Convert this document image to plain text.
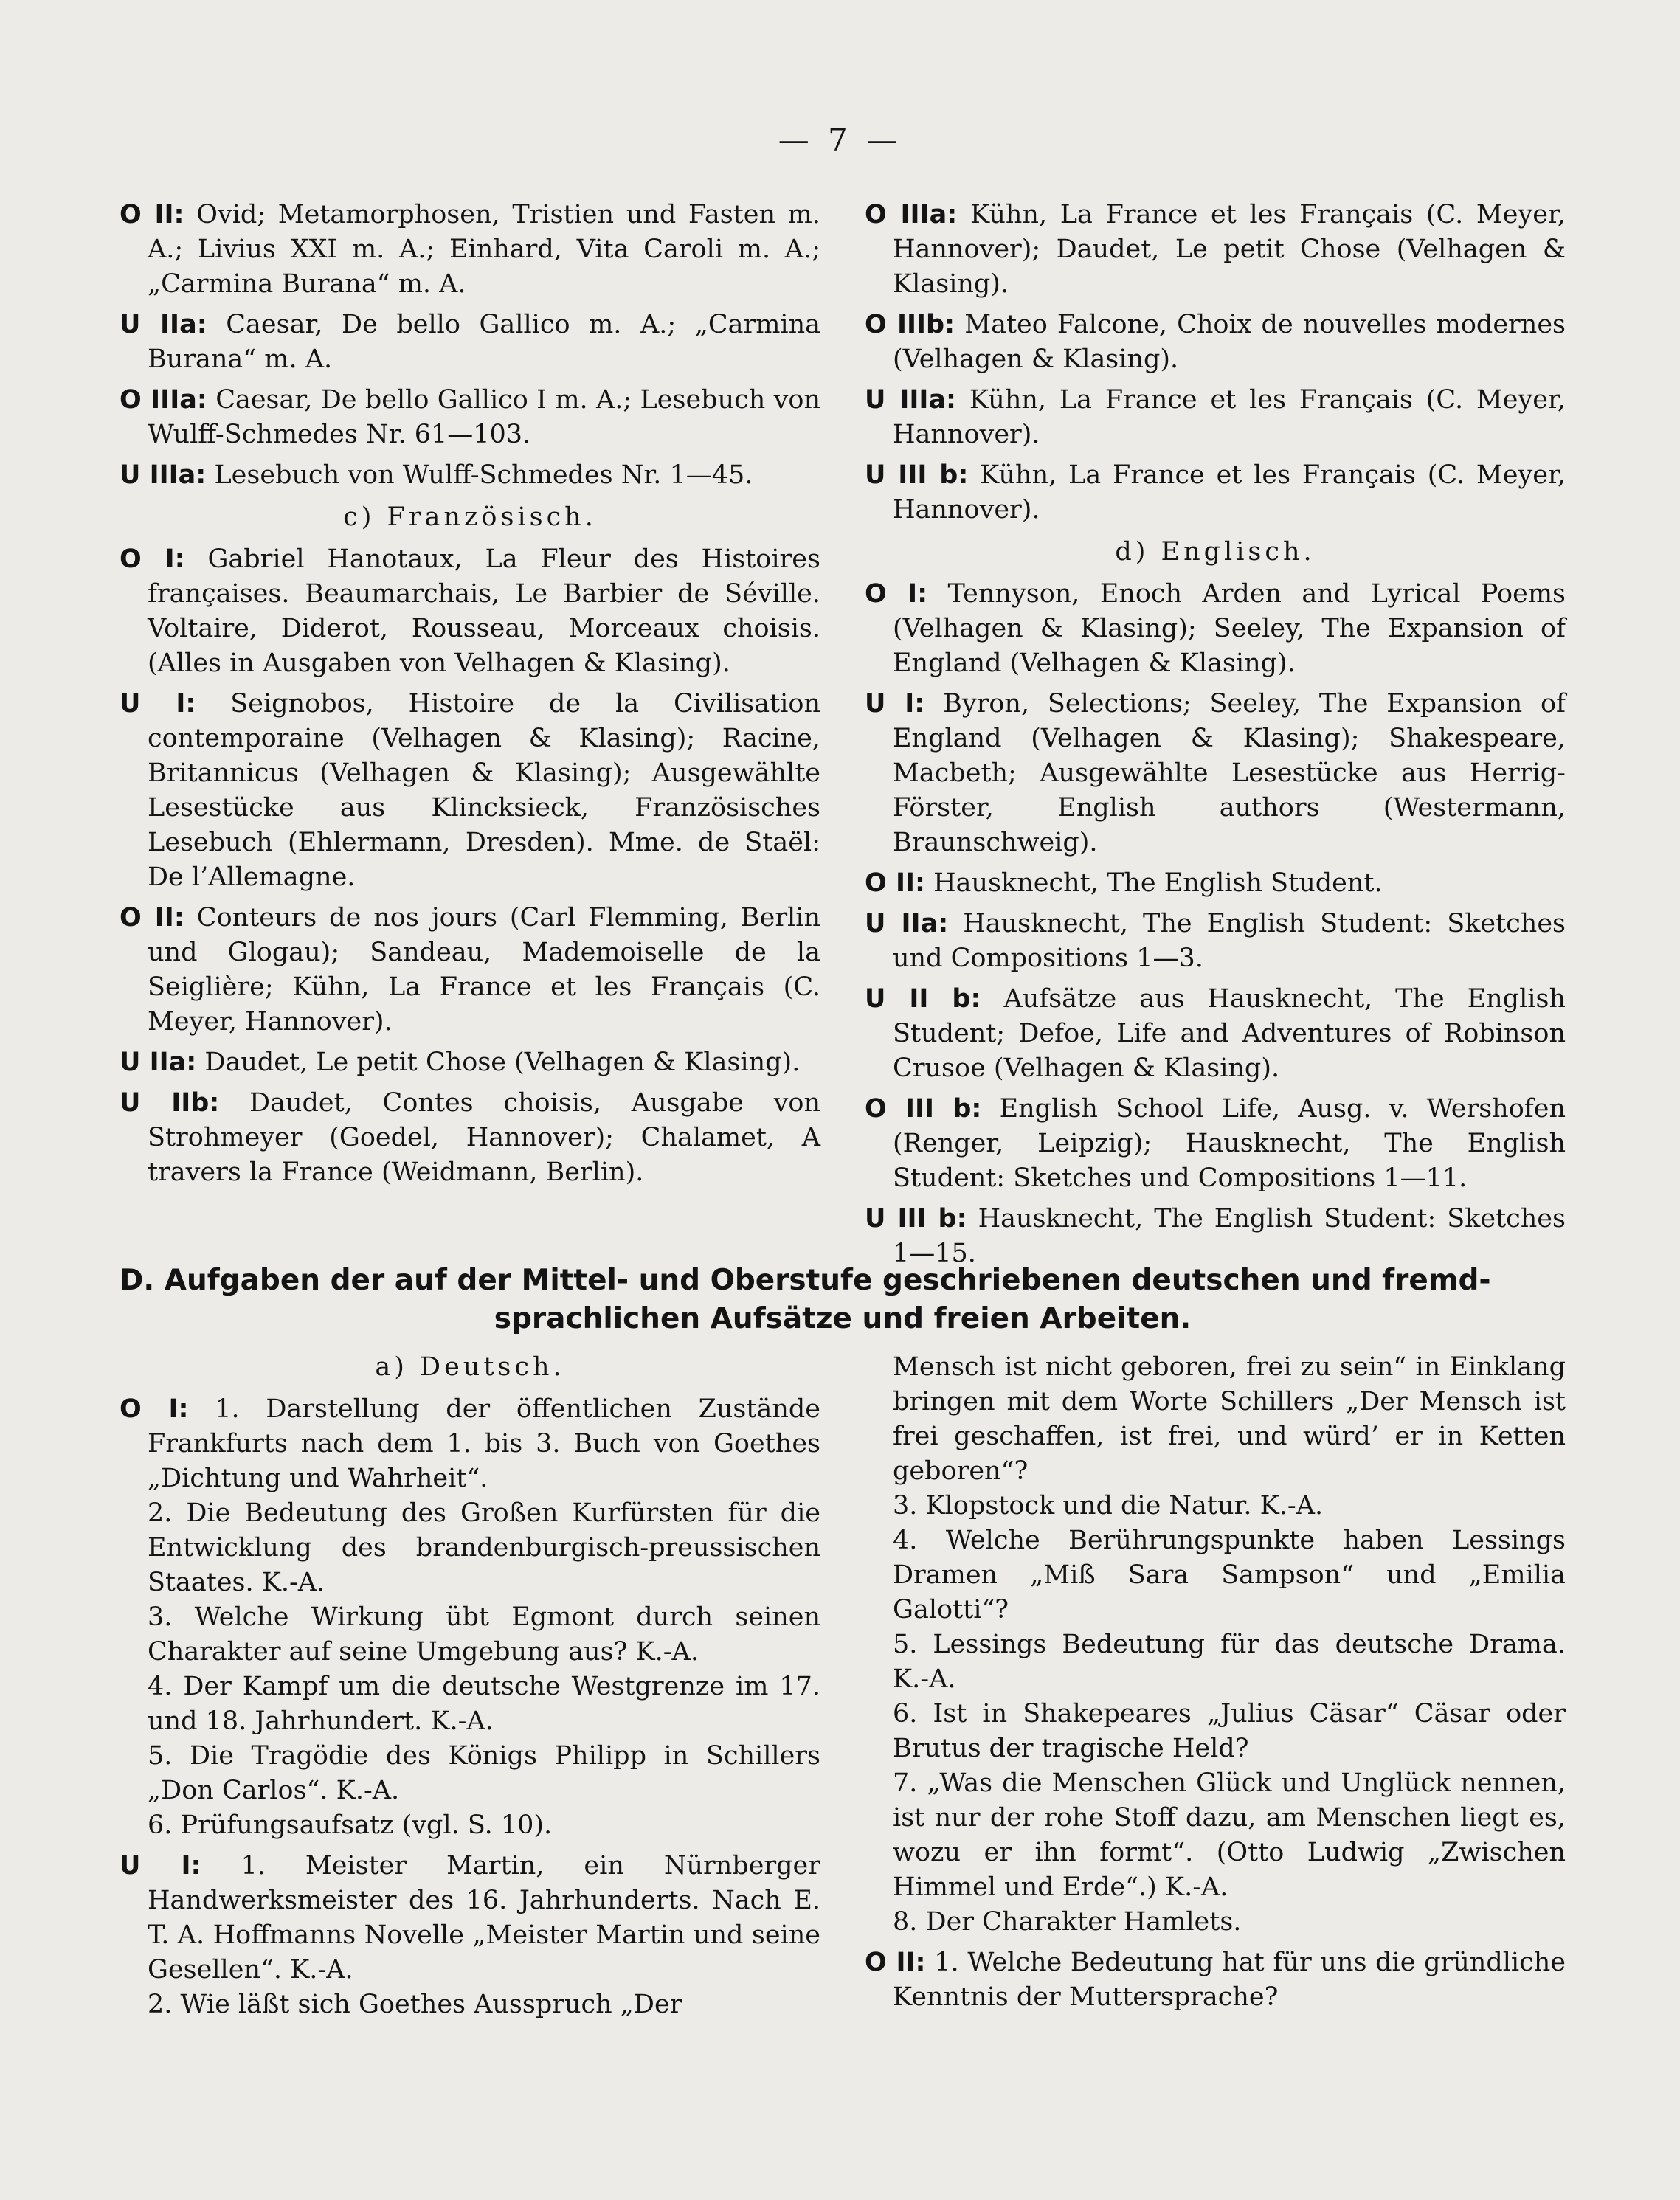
— 7 —

O II: Ovid; Metamorphosen, Tristien und Fasten m. A.; Livius XXI m. A.; Einhard, Vita Caroli m. A.; „Carmina Burana“ m. A.

U IIa: Caesar, De bello Gallico m. A.; „Carmina Burana“ m. A.

O IIIa: Caesar, De bello Gallico I m. A.; Lesebuch von Wulff-Schmedes Nr. 61—103.

U IIIa: Lesebuch von Wulff-Schmedes Nr. 1—45.

c) Französisch.

O I: Gabriel Hanotaux, La Fleur des Histoires françaises. Beaumarchais, Le Barbier de Séville. Voltaire, Diderot, Rousseau, Morceaux choisis. (Alles in Ausgaben von Velhagen & Klasing).

U I: Seignobos, Histoire de la Civilisation contemporaine (Velhagen & Klasing); Racine, Britannicus (Velhagen & Klasing); Ausgewählte Lesestücke aus Klincksieck, Französisches Lesebuch (Ehlermann, Dresden). Mme. de Staël: De l’Allemagne.

O II: Conteurs de nos jours (Carl Flemming, Berlin und Glogau); Sandeau, Mademoiselle de la Seiglière; Kühn, La France et les Français (C. Meyer, Hannover).

U IIa: Daudet, Le petit Chose (Velhagen & Klasing).

U IIb: Daudet, Contes choisis, Ausgabe von Strohmeyer (Goedel, Hannover); Chalamet, A travers la France (Weidmann, Berlin).

O IIIa: Kühn, La France et les Français (C. Meyer, Hannover); Daudet, Le petit Chose (Velhagen & Klasing).

O IIIb: Mateo Falcone, Choix de nouvelles modernes (Velhagen & Klasing).

U IIIa: Kühn, La France et les Français (C. Meyer, Hannover).

U III b: Kühn, La France et les Français (C. Meyer, Hannover).

d) Englisch.

O I: Tennyson, Enoch Arden and Lyrical Poems (Velhagen & Klasing); Seeley, The Expansion of England (Velhagen & Klasing).

U I: Byron, Selections; Seeley, The Expansion of England (Velhagen & Klasing); Shakespeare, Macbeth; Ausgewählte Lesestücke aus Herrig-Förster, English authors (Westermann, Braunschweig).

O II: Hausknecht, The English Student.

U IIa: Hausknecht, The English Student: Sketches und Compositions 1—3.

U II b: Aufsätze aus Hausknecht, The English Student; Defoe, Life and Adventures of Robinson Crusoe (Velhagen & Klasing).

O III b: English School Life, Ausg. v. Wershofen (Renger, Leipzig); Hausknecht, The English Student: Sketches und Compositions 1—11.

U III b: Hausknecht, The English Student: Sketches 1—15.

D. Aufgaben der auf der Mittel- und Oberstufe geschriebenen deutschen und fremd-
sprachlichen Aufsätze und freien Arbeiten.
a) Deutsch.

O I: 1. Darstellung der öffentlichen Zustände Frankfurts nach dem 1. bis 3. Buch von Goethes „Dichtung und Wahrheit“.

2. Die Bedeutung des Großen Kurfürsten für die Entwicklung des brandenburgisch-preussischen Staates. K.-A.

3. Welche Wirkung übt Egmont durch seinen Charakter auf seine Umgebung aus? K.-A.

4. Der Kampf um die deutsche Westgrenze im 17. und 18. Jahrhundert. K.-A.

5. Die Tragödie des Königs Philipp in Schillers „Don Carlos“. K.-A.

6. Prüfungsaufsatz (vgl. S. 10).

U I: 1. Meister Martin, ein Nürnberger Handwerksmeister des 16. Jahrhunderts. Nach E. T. A. Hoffmanns Novelle „Meister Martin und seine Gesellen“. K.-A.

2. Wie läßt sich Goethes Ausspruch „Der

Mensch ist nicht geboren, frei zu sein“ in Einklang bringen mit dem Worte Schillers „Der Mensch ist frei geschaffen, ist frei, und würd’ er in Ketten geboren“?

3. Klopstock und die Natur. K.-A.

4. Welche Berührungspunkte haben Lessings Dramen „Miß Sara Sampson“ und „Emilia Galotti“?

5. Lessings Bedeutung für das deutsche Drama. K.-A.

6. Ist in Shakepeares „Julius Cäsar“ Cäsar oder Brutus der tragische Held?

7. „Was die Menschen Glück und Unglück nennen, ist nur der rohe Stoff dazu, am Menschen liegt es, wozu er ihn formt“. (Otto Ludwig „Zwischen Himmel und Erde“.) K.-A.

8. Der Charakter Hamlets.

O II: 1. Welche Bedeutung hat für uns die gründliche Kenntnis der Muttersprache?
